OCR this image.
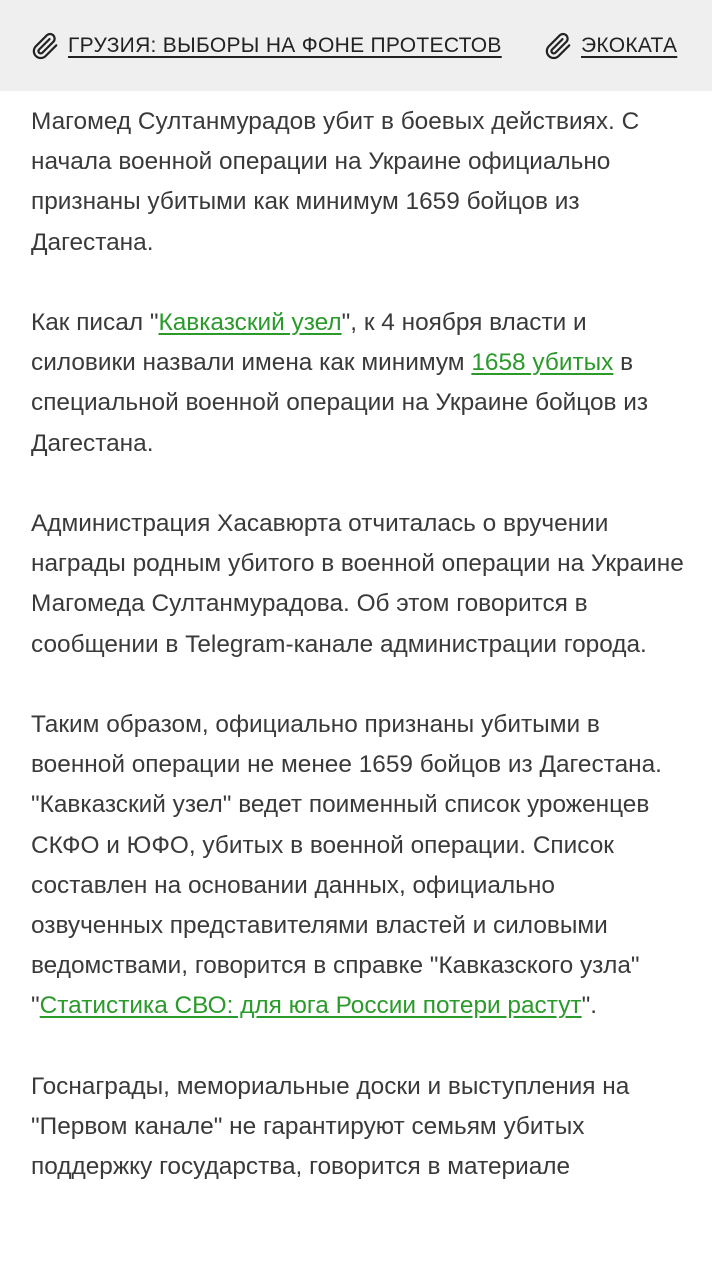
ГРУЗИЯ: ВЫБОРЫ НА ФОНЕ ПРОТЕСТОВ	ЭКОКАТА

Магомед Султанмурадов убит в боевых действиях. С начала военной операции на Украине официально признаны убитыми как минимум 1659 бойцов из Дагестана.

Как писал "Кавказский узел", к 4 ноября власти и силовики назвали имена как минимум 1658 убитых в специальной военной операции на Украине бойцов из Дагестана.

Администрация Хасавюрта отчиталась о вручении награды родным убитого в военной операции на Украине Магомеда Султанмурадова. Об этом говорится в сообщении в Telegram-канале администрации города.

Таким образом, официально признаны убитыми в военной операции не менее 1659 бойцов из Дагестана. "Кавказский узел" ведет поименный список уроженцев СКФО и ЮФО, убитых в военной операции. Список составлен на основании данных, официально озвученных представителями властей и силовыми ведомствами, говорится в справке "Кавказского узла" "Статистика СВО: для юга России потери растут".

Госнаграды, мемориальные доски и выступления на "Первом канале" не гарантируют семьям убитых поддержку государства, говорится в материале
